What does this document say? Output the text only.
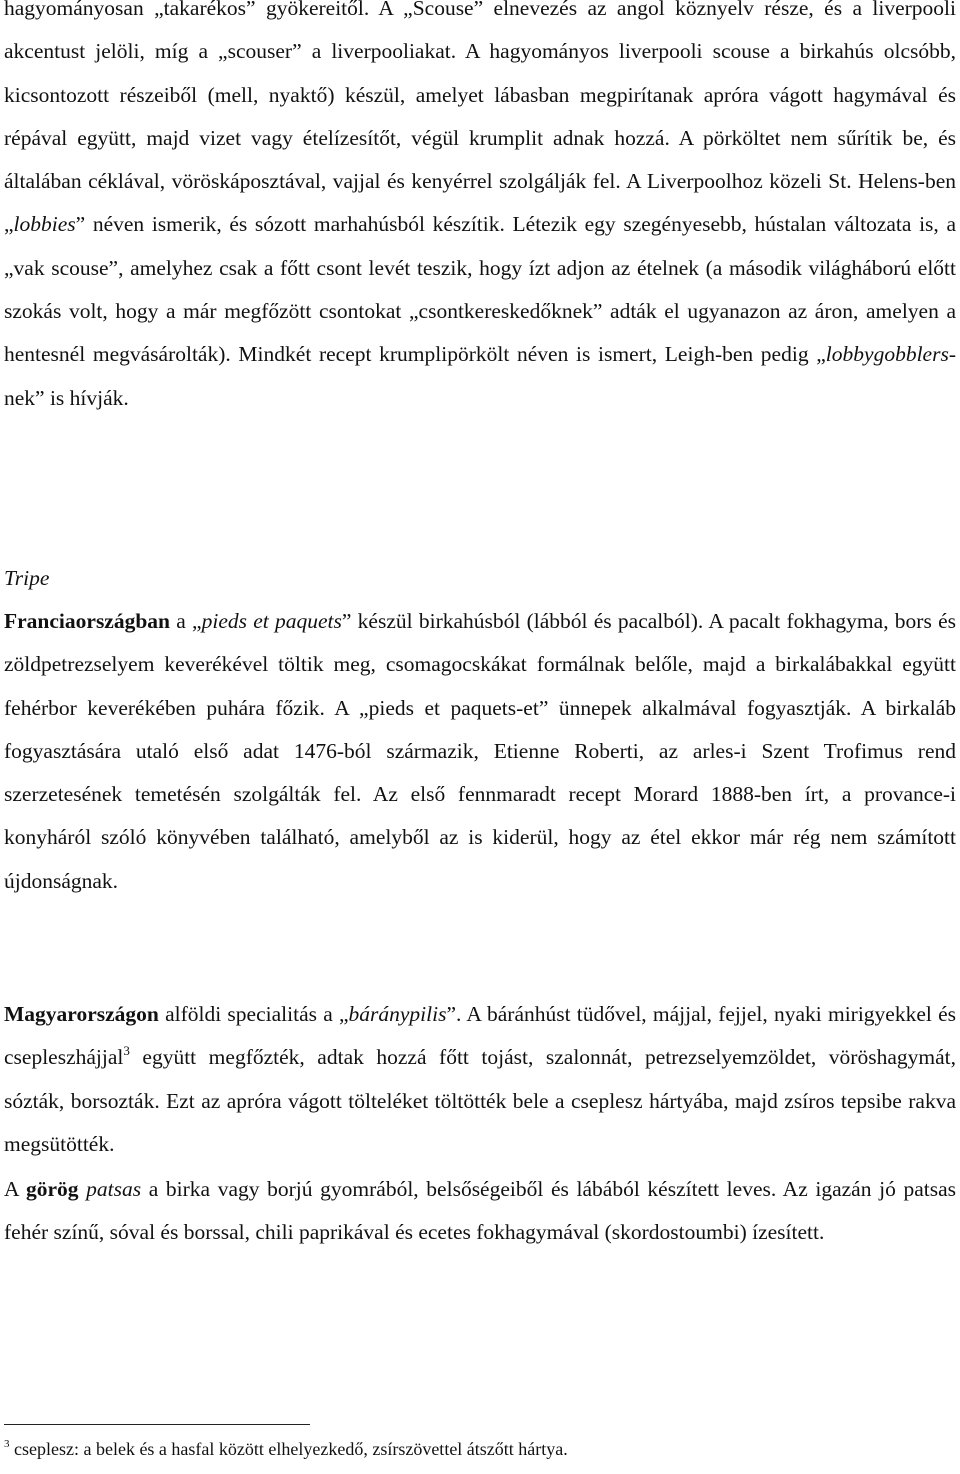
hagyományosan „takarékos” gyökereitől. A „Scouse” elnevezés az angol köznyelv része, és a liverpooli akcentust jelöli, míg a „scouser” a liverpooliakat. A hagyományos liverpooli scouse a birkahús olcsóbb, kicsontozott részeiből (mell, nyaktő) készül, amelyet lábasban megpirítanak apróra vágott hagymával és répával együtt, majd vizet vagy ételízesítőt, végül krumplit adnak hozzá. A pörköltet nem sűrítik be, és általában céklával, vöröskáposztával, vajjal és kenyérrel szolgálják fel. A Liverpoolhoz közeli St. Helens-ben „lobbies” néven ismerik, és sózott marhahúsból készítik. Létezik egy szegényesebb, hústalan változata is, a „vak scouse”, amelyhez csak a főtt csont levét teszik, hogy ízt adjon az ételnek (a második világháború előtt szokás volt, hogy a már megfőzött csontokat „csontkereskedőknek” adták el ugyanazon az áron, amelyen a hentesnél megvásárolták). Mindkét recept krumplipörkölt néven is ismert, Leigh-ben pedig „lobbygobblers-nek” is hívják.

Tripe

Franciaországban a „pieds et paquets” készül birkahúsból (lábból és pacalból). A pacalt fokhagyma, bors és zöldpetrezselyem keverékével töltik meg, csomagocskákat formálnak belőle, majd a birkalábakkal együtt fehérbor keverékében puhára főzik. A „pieds et paquets-et” ünnepek alkalmával fogyasztják. A birkaláb fogyasztására utaló első adat 1476-ból származik, Etienne Roberti, az arles-i Szent Trofimus rend szerzetesének temetésén szolgálták fel. Az első fennmaradt recept Morard 1888-ben írt, a provance-i konyháról szóló könyvében található, amelyből az is kiderül, hogy az étel ekkor már rég nem számított újdonságnak.

Magyarországon alföldi specialitás a „báránypilis”. A báránhúst tüdővel, májjal, fejjel, nyaki mirigyekkel és csepleszhájjal$^3$ együtt megfőzték, adtak hozzá főtt tojást, szalonnát, petrezselyemzöldet, vöröshagymát, sózták, borsozták. Ezt az apróra vágott tölteléket töltötték bele a cseplesz hártyába, majd zsíros tepsibe rakva megsütötték.

A görög patsas a birka vagy borjú gyomrából, belsőségeiből és lábából készített leves. Az igazán jó patsas fehér színű, sóval és borssal, chili paprikával és ecetes fokhagymával (skordostoumbi) ízesített.

$^3$ cseplesz: a belek és a hasfal között elhelyezkedő, zsírszövettel átszőtt hártya.
